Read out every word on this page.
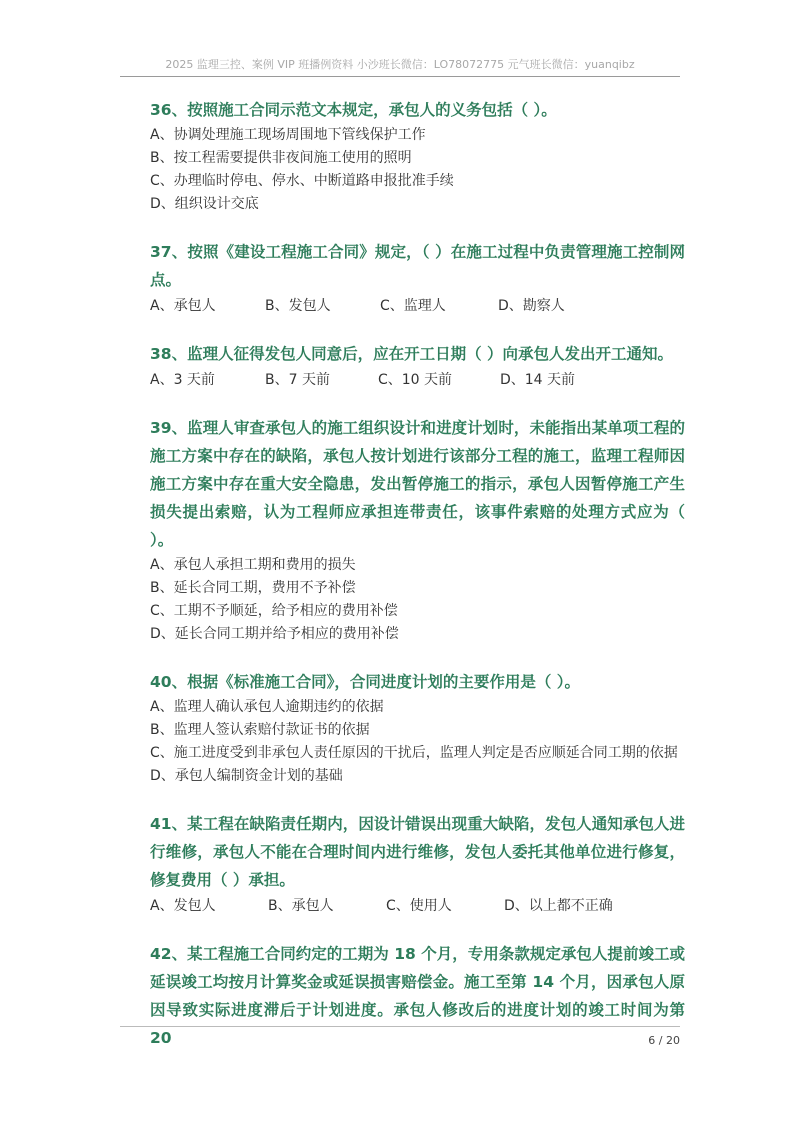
2025 监理三控、案例 VIP 班播例资料 小沙班长微信：LO78072775 元气班长微信：yuanqibz

36、按照施工合同示范文本规定，承包人的义务包括（ ）。

A、协调处理施工现场周围地下管线保护工作

B、按工程需要提供非夜间施工使用的照明

C、办理临时停电、停水、中断道路申报批准手续

D、组织设计交底

37、按照《建设工程施工合同》规定，（ ）在施工过程中负责管理施工控制网点。

A、承包人	B、发包人	C、监理人	D、勘察人

38、监理人征得发包人同意后，应在开工日期（ ）向承包人发出开工通知。

A、3 天前	B、7 天前	C、10 天前	D、14 天前

39、监理人审查承包人的施工组织设计和进度计划时，未能指出某单项工程的施工方案中存在的缺陷，承包人按计划进行该部分工程的施工，监理工程师因施工方案中存在重大安全隐患，发出暂停施工的指示，承包人因暂停施工产生损失提出索赔，认为工程师应承担连带责任，该事件索赔的处理方式应为（ ）。

A、承包人承担工期和费用的损失

B、延长合同工期，费用不予补偿

C、工期不予顺延，给予相应的费用补偿

D、延长合同工期并给予相应的费用补偿

40、根据《标准施工合同》，合同进度计划的主要作用是（ ）。

A、监理人确认承包人逾期违约的依据

B、监理人签认索赔付款证书的依据

C、施工进度受到非承包人责任原因的干扰后，监理人判定是否应顺延合同工期的依据

D、承包人编制资金计划的基础

41、某工程在缺陷责任期内，因设计错误出现重大缺陷，发包人通知承包人进行维修，承包人不能在合理时间内进行维修，发包人委托其他单位进行修复，修复费用（ ）承担。

A、发包人	B、承包人	C、使用人	D、以上都不正确

42、某工程施工合同约定的工期为 18 个月，专用条款规定承包人提前竣工或延误竣工均按月计算奖金或延误损害赔偿金。施工至第 14 个月，因承包人原因导致实际进度滞后于计划进度。承包人修改后的进度计划的竣工时间为第 20	6 / 20
